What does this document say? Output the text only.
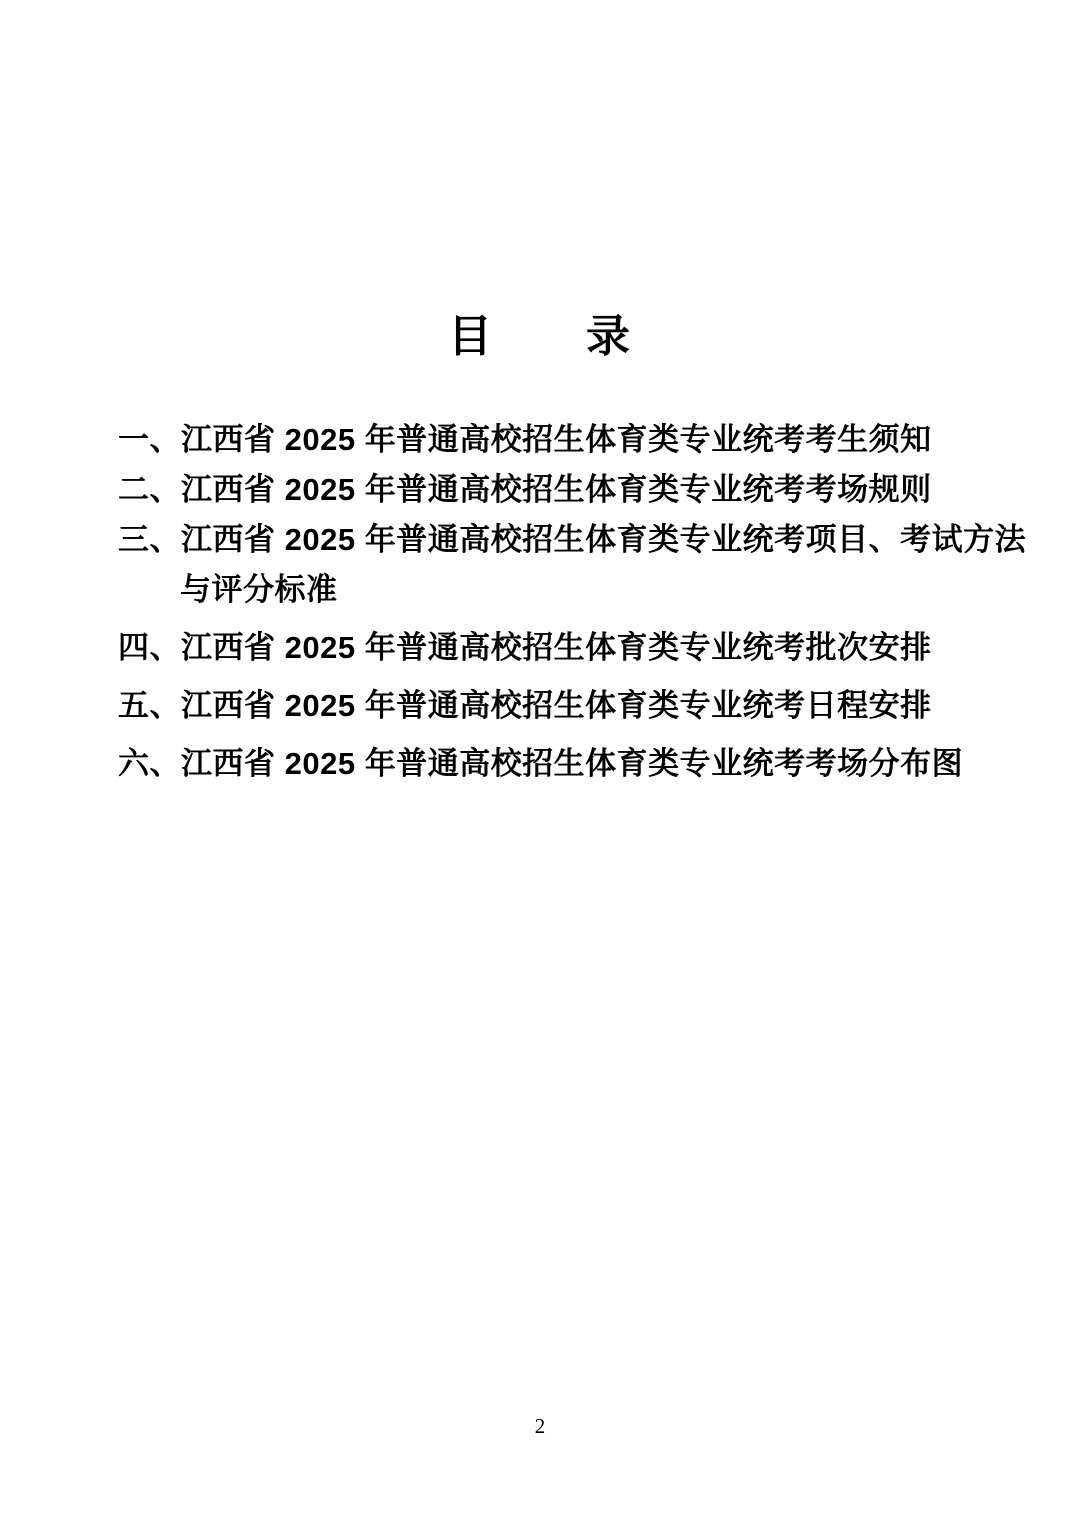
目　　录
一、江西省 2025 年普通高校招生体育类专业统考考生须知
二、江西省 2025 年普通高校招生体育类专业统考考场规则
三、江西省 2025 年普通高校招生体育类专业统考项目、考试方法
与评分标准
四、江西省 2025 年普通高校招生体育类专业统考批次安排
五、江西省 2025 年普通高校招生体育类专业统考日程安排
六、江西省 2025 年普通高校招生体育类专业统考考场分布图
2
